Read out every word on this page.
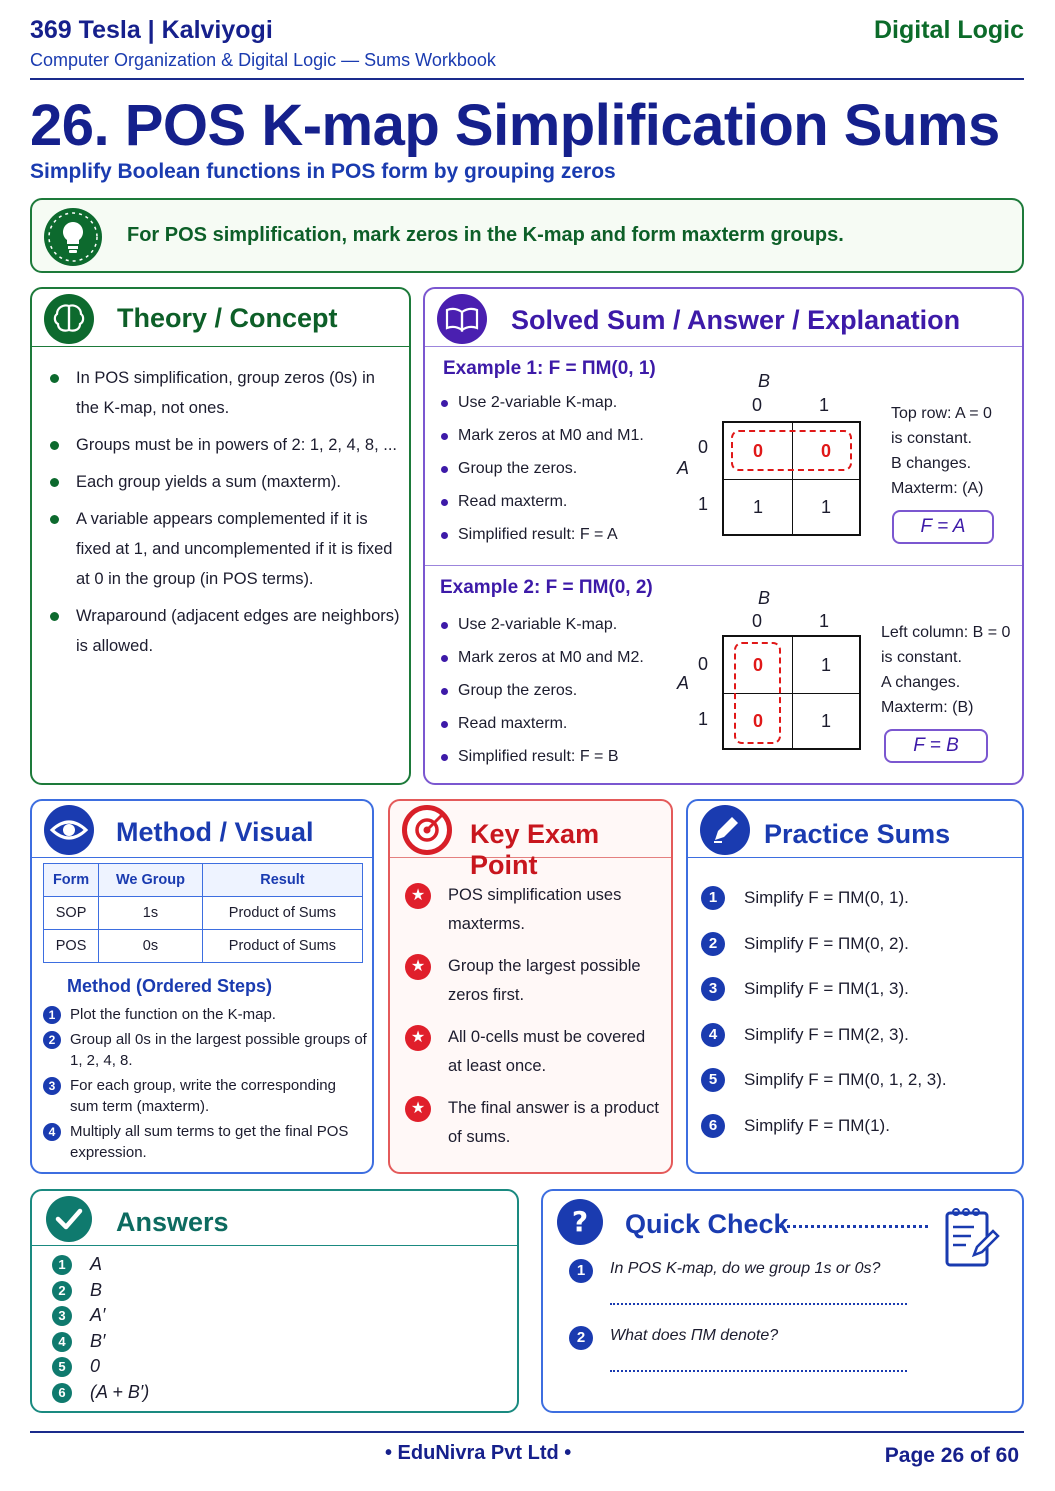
369 Tesla | Kalviyogi
Computer Organization & Digital Logic — Sums Workbook
Digital Logic
26. POS K-map Simplification Sums
Simplify Boolean functions in POS form by grouping zeros
For POS simplification, mark zeros in the K-map and form maxterm groups.
Theory / Concept
In POS simplification, group zeros (0s) in the K-map, not ones.
Groups must be in powers of 2: 1, 2, 4, 8, ...
Each group yields a sum (maxterm).
A variable appears complemented if it is fixed at 1, and uncomplemented if it is fixed at 0 in the group (in POS terms).
Wraparound (adjacent edges are neighbors) is allowed.
Solved Sum / Answer / Explanation
Example 1: F = ΠM(0, 1)
Use 2-variable K-map.
Mark zeros at M0 and M1.
Group the zeros.
Read maxterm.
Simplified result: F = A
B
0	1
A
0
1
0	0
1	1
Top row: A = 0
is constant.
B changes.
Maxterm: (A)
F = A
Example 2: F = ΠM(0, 2)
Use 2-variable K-map.
Mark zeros at M0 and M2.
Group the zeros.
Read maxterm.
Simplified result: F = B
B
0	1
A
0
1
0	1
0	1
Left column: B = 0
is constant.
A changes.
Maxterm: (B)
F = B
Method / Visual
Form	We Group	Result
SOP	1s	Product of Sums
POS	0s	Product of Sums
Method (Ordered Steps)
1 Plot the function on the K-map.
2 Group all 0s in the largest possible groups of 1, 2, 4, 8.
3 For each group, write the corresponding sum term (maxterm).
4 Multiply all sum terms to get the final POS expression.
Key Exam Point
★	POS simplification uses maxterms.
★	Group the largest possible zeros first.
★	All 0-cells must be covered at least once.
★	The final answer is a product of sums.
Practice Sums
1	Simplify F = ΠM(0, 1).
2	Simplify F = ΠM(0, 2).
3	Simplify F = ΠM(1, 3).
4	Simplify F = ΠM(2, 3).
5	Simplify F = ΠM(0, 1, 2, 3).
6	Simplify F = ΠM(1).
Answers
1	A
2	B
3	A′
4	B′
5	0
6	(A + B′)
? Quick Check
1	In POS K-map, do we group 1s or 0s?
2	What does ΠM denote?
• EduNivra Pvt Ltd •	Page 26 of 60
